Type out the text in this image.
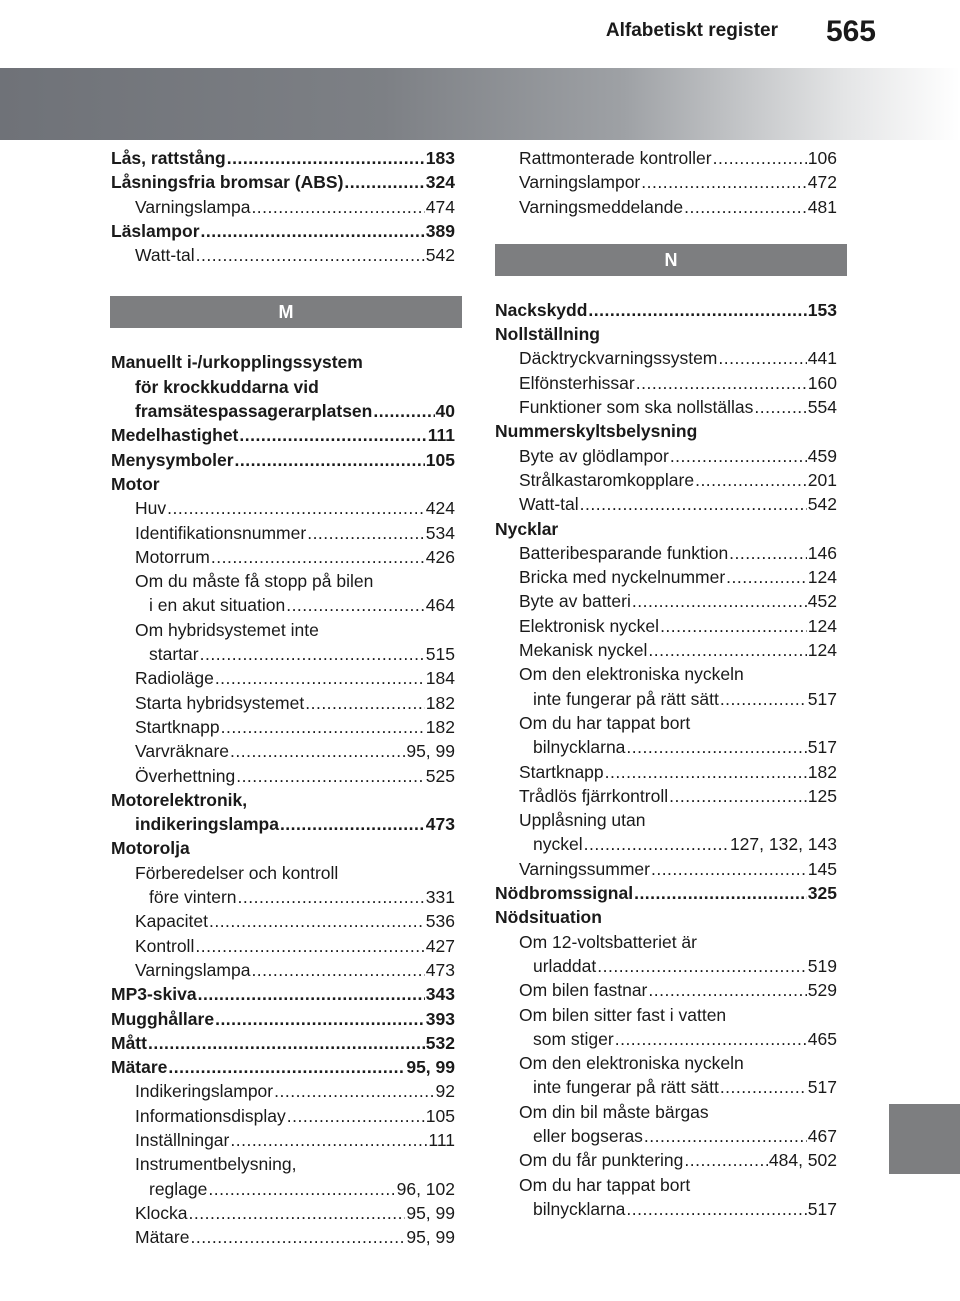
Alfabetiskt register 565
Lås, rattstång .....	183
Låsningsfria bromsar (ABS) .....	324
Varningslampa .....	474
Läslampor .....	389
Watt-tal .....	542
M
Manuellt i-/urkopplingssystem
för krockkuddarna vid
framsätespassagerarplatsen .....	40
Medelhastighet .....	111
Menysymboler .....	105
Motor
Huv .....	424
Identifikationsnummer .....	534
Motorrum .....	426
Om du måste få stopp på bilen
i en akut situation .....	464
Om hybridsystemet inte
startar .....	515
Radioläge .....	184
Starta hybridsystemet .....	182
Startknapp .....	182
Varvräknare .....	95, 99
Överhettning .....	525
Motorelektronik,
indikeringslampa .....	473
Motorolja
Förberedelser och kontroll
före vintern .....	331
Kapacitet .....	536
Kontroll .....	427
Varningslampa .....	473
MP3-skiva .....	343
Mugghållare .....	393
Mått .....	532
Mätare .....	95, 99
Indikeringslampor .....	92
Informationsdisplay .....	105
Inställningar .....	111
Instrumentbelysning,
reglage .....	96, 102
Klocka .....	95, 99
Mätare .....	95, 99
Rattmonterade kontroller .....	106
Varningslampor .....	472
Varningsmeddelande .....	481
N
Nackskydd .....	153
Nollställning
Däcktryckvarningssystem .....	441
Elfönsterhissar .....	160
Funktioner som ska nollställas .....	554
Nummerskyltsbelysning
Byte av glödlampor .....	459
Strålkastaromkopplare .....	201
Watt-tal .....	542
Nycklar
Batteribesparande funktion .....	146
Bricka med nyckelnummer .....	124
Byte av batteri .....	452
Elektronisk nyckel .....	124
Mekanisk nyckel .....	124
Om den elektroniska nyckeln
inte fungerar på rätt sätt .....	517
Om du har tappat bort
bilnycklarna .....	517
Startknapp .....	182
Trådlös fjärrkontroll .....	125
Upplåsning utan
nyckel .....	127, 132, 143
Varningssummer .....	145
Nödbromssignal .....	325
Nödsituation
Om 12-voltsbatteriet är
urladdat .....	519
Om bilen fastnar .....	529
Om bilen sitter fast i vatten
som stiger .....	465
Om den elektroniska nyckeln
inte fungerar på rätt sätt .....	517
Om din bil måste bärgas
eller bogseras .....	467
Om du får punktering .....	484, 502
Om du har tappat bort
bilnycklarna .....	517
